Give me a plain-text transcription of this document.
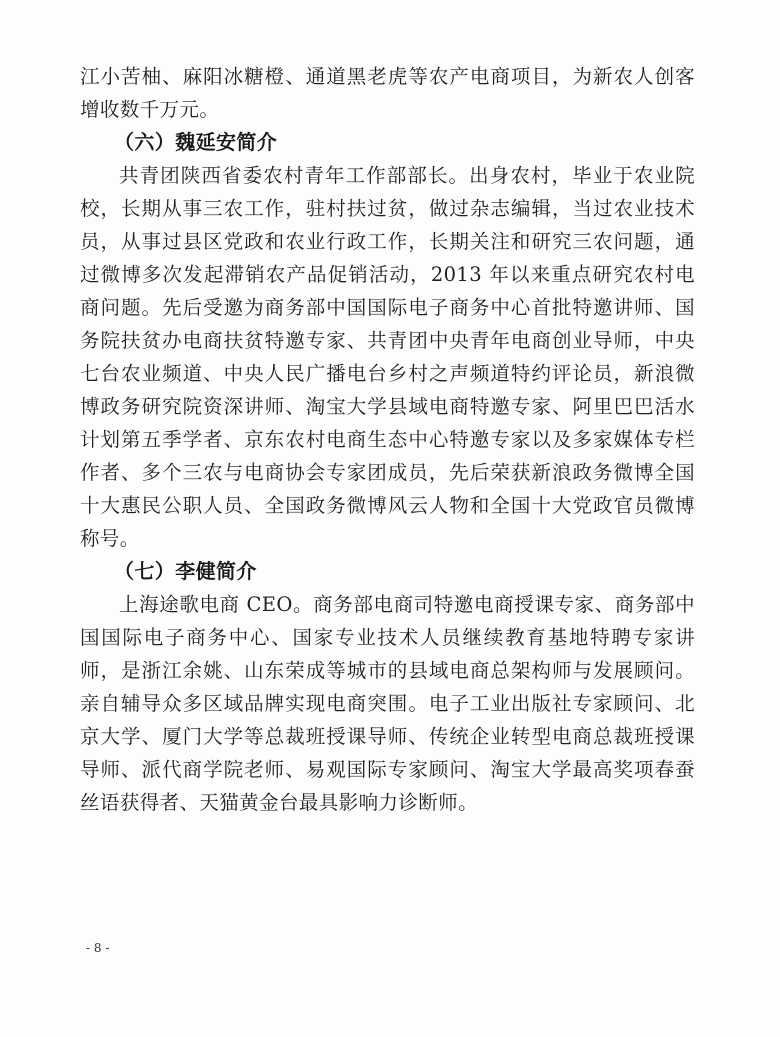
江小苦柚、麻阳冰糖橙、通道黑老虎等农产电商项目，为新农人创客增收数千万元。

（六）魏延安简介

共青团陕西省委农村青年工作部部长。出身农村，毕业于农业院校，长期从事三农工作，驻村扶过贫，做过杂志编辑，当过农业技术员，从事过县区党政和农业行政工作，长期关注和研究三农问题，通过微博多次发起滞销农产品促销活动，2013 年以来重点研究农村电商问题。先后受邀为商务部中国国际电子商务中心首批特邀讲师、国务院扶贫办电商扶贫特邀专家、共青团中央青年电商创业导师，中央七台农业频道、中央人民广播电台乡村之声频道特约评论员，新浪微博政务研究院资深讲师、淘宝大学县域电商特邀专家、阿里巴巴活水计划第五季学者、京东农村电商生态中心特邀专家以及多家媒体专栏作者、多个三农与电商协会专家团成员，先后荣获新浪政务微博全国十大惠民公职人员、全国政务微博风云人物和全国十大党政官员微博称号。

（七）李健简介

上海途歌电商 CEO。商务部电商司特邀电商授课专家、商务部中国国际电子商务中心、国家专业技术人员继续教育基地特聘专家讲师，是浙江余姚、山东荣成等城市的县域电商总架构师与发展顾问。亲自辅导众多区域品牌实现电商突围。电子工业出版社专家顾问、北京大学、厦门大学等总裁班授课导师、传统企业转型电商总裁班授课导师、派代商学院老师、易观国际专家顾问、淘宝大学最高奖项春蚕丝语获得者、天猫黄金台最具影响力诊断师。

- 8 -
